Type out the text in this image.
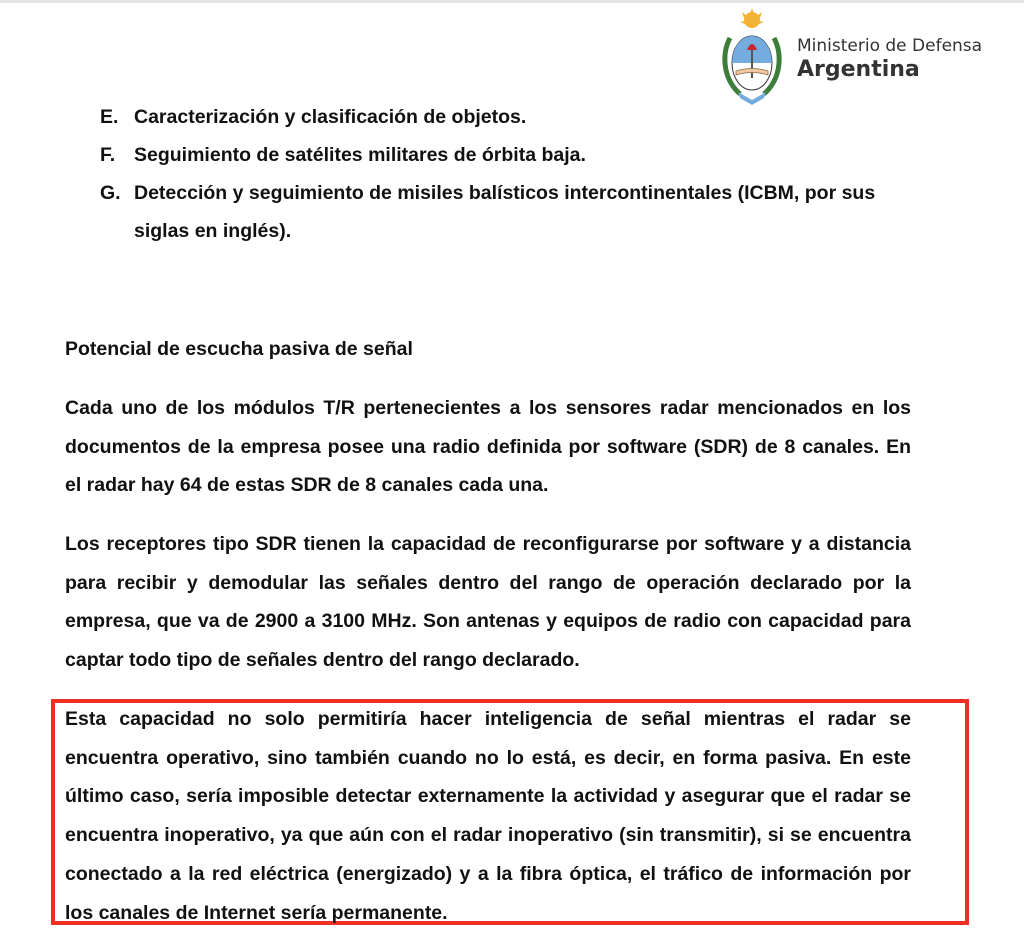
Ministerio de Defensa
Argentina
E. Caracterización y clasificación de objetos.
F. Seguimiento de satélites militares de órbita baja.
G. Detección y seguimiento de misiles balísticos intercontinentales (ICBM, por sus siglas en inglés).
Potencial de escucha pasiva de señal

Cada uno de los módulos T/R pertenecientes a los sensores radar mencionados en los documentos de la empresa posee una radio definida por software (SDR) de 8 canales. En el radar hay 64 de estas SDR de 8 canales cada una.

Los receptores tipo SDR tienen la capacidad de reconfigurarse por software y a distancia para recibir y demodular las señales dentro del rango de operación declarado por la empresa, que va de 2900 a 3100 MHz. Son antenas y equipos de radio con capacidad para captar todo tipo de señales dentro del rango declarado.

Esta capacidad no solo permitiría hacer inteligencia de señal mientras el radar se encuentra operativo, sino también cuando no lo está, es decir, en forma pasiva. En este último caso, sería imposible detectar externamente la actividad y asegurar que el radar se encuentra inoperativo, ya que aún con el radar inoperativo (sin transmitir), si se encuentra conectado a la red eléctrica (energizado) y a la fibra óptica, el tráfico de información por los canales de Internet sería permanente.
